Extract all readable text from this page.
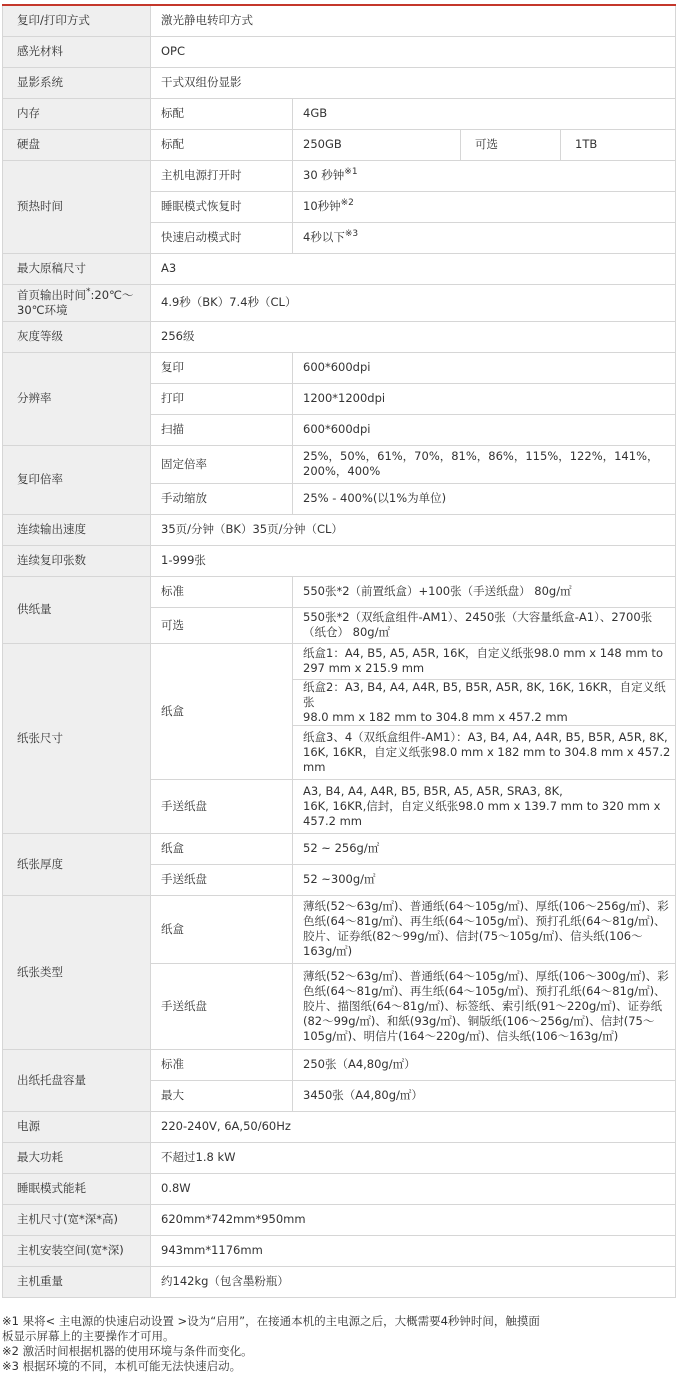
复印/打印方式	激光静电转印方式			
感光材料	OPC			
显影系统	干式双组份显影			
内存	标配	4GB		
硬盘	标配	250GB	可选	1TB
预热时间	主机电源打开时	30 秒钟$^{※1}$
	睡眠模式恢复时	10秒钟$^{※2}$
	快速启动模式时	4秒以下$^{※3}$
最大原稿尺寸	A3			
首页输出时间*:20℃～
30℃环境	4.9秒（BK）7.4秒（CL）			
灰度等级	256级			
分辨率	复印	600*600dpi		
	打印	1200*1200dpi		
	扫描	600*600dpi		
复印倍率	固定倍率	25%，50%，61%，70%，81%，86%，115%，122%，141%，
200%，400%		
	手动缩放	25% - 400%(以1%为单位)		
连续输出速度	35页/分钟（BK）35页/分钟（CL）			
连续复印张数	1-999张			
供纸量	标准	550张*2（前置纸盒）+100张（手送纸盘） 80g/㎡		
	可选	550张*2（双纸盒组件-AM1）、2450张（大容量纸盒-A1）、2700张
（纸仓） 80g/㎡		
纸张尺寸	纸盒	纸盒1：A4, B5, A5, A5R, 16K，自定义纸张98.0 mm x 148 mm to
297 mm x 215.9 mm		
		纸盒2：A3, B4, A4, A4R, B5, B5R, A5R, 8K, 16K, 16KR，自定义纸张
98.0 mm x 182 mm to 304.8 mm x 457.2 mm		
		纸盒3、4（双纸盒组件-AM1）：A3, B4, A4, A4R, B5, B5R, A5R, 8K,
16K, 16KR，自定义纸张98.0 mm x 182 mm to 304.8 mm x 457.2
mm		
	手送纸盘	A3, B4, A4, A4R, B5, B5R, A5, A5R, SRA3, 8K,
16K, 16KR,信封，自定义纸张98.0 mm x 139.7 mm to 320 mm x
457.2 mm		
纸张厚度	纸盒	52 ~ 256g/㎡		
	手送纸盘	52 ~300g/㎡		
纸张类型	纸盒	薄纸(52～63g/㎡)、普通纸(64～105g/㎡)、厚纸(106～256g/㎡)、彩
色纸(64～81g/㎡)、再生纸(64～105g/㎡)、预打孔纸(64～81g/㎡)、
胶片、证券纸(82～99g/㎡)、信封(75～105g/㎡)、信头纸(106～
163g/㎡)		
	手送纸盘	薄纸(52～63g/㎡)、普通纸(64～105g/㎡)、厚纸(106～300g/㎡)、彩
色纸(64～81g/㎡)、再生纸(64～105g/㎡)、预打孔纸(64～81g/㎡)、
胶片、描图纸(64～81g/㎡)、标签纸、索引纸(91～220g/㎡)、证券纸
(82～99g/㎡)、和紙(93g/㎡)、铜版纸(106～256g/㎡)、信封(75～
105g/㎡)、明信片(164～220g/㎡)、信头纸(106～163g/㎡)		
出纸托盘容量	标准	250张（A4,80g/㎡）		
	最大	3450张（A4,80g/㎡）		
电源	220-240V, 6A,50/60Hz			
最大功耗	不超过1.8 kW			
睡眠模式能耗	0.8W			
主机尺寸(宽*深*高)	620mm*742mm*950mm			
主机安装空间(宽*深)	943mm*1176mm			
主机重量	约142kg（包含墨粉瓶）			
※1 果将< 主电源的快速启动设置 >设为“启用”，在接通本机的主电源之后，大概需要4秒钟时间，触摸面
板显示屏幕上的主要操作才可用。
※2 激活时间根据机器的使用环境与条件而变化。
※3 根据环境的不同，本机可能无法快速启动。
